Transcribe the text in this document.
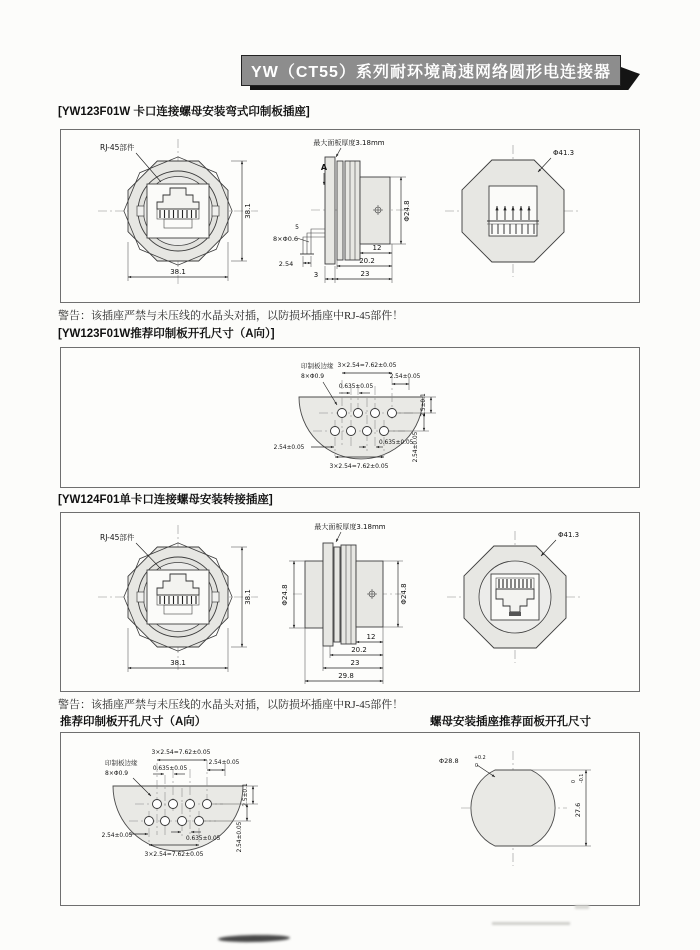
YW（CT55）系列耐环境高速网络圆形电连接器
[YW123F01W 卡口连接螺母安装弯式印制板插座]
RJ-45部件
38.1
38.1
A
最大面板厚度3.18mm
8×Φ0.6
5
2.54
12
20.2
3	23
Φ24.8
Φ41.3
警告：该插座严禁与未压线的水晶头对插，以防损坏插座中RJ-45部件！
[YW123F01W推荐印制板开孔尺寸（A向）]
印制板边缘
8×Φ0.9
3×2.54=7.62±0.05
0.635±0.05
2.54±0.05
2.5±0.1
2.54±0.05
2.54±0.05
0.635±0.05
3×2.54=7.62±0.05
[YW124F01单卡口连接螺母安装转接插座]
RJ-45部件
38.1
38.1
最大面板厚度3.18mm
Φ24.8	Φ24.8
12
20.2
23
29.8
Φ41.3
警告：该插座严禁与未压线的水晶头对插，以防损坏插座中RJ-45部件！
推荐印制板开孔尺寸（A向）	螺母安装插座推荐面板开孔尺寸
印制板边缘
8×Φ0.9
3×2.54=7.62±0.05
0.635±0.05
2.54±0.05
2.5±0.1
2.54±0.05
2.54±0.05	0.635±0.05
3×2.54=7.62±0.05
Φ28.8	+0.2
0
27.6
0 -0.1
